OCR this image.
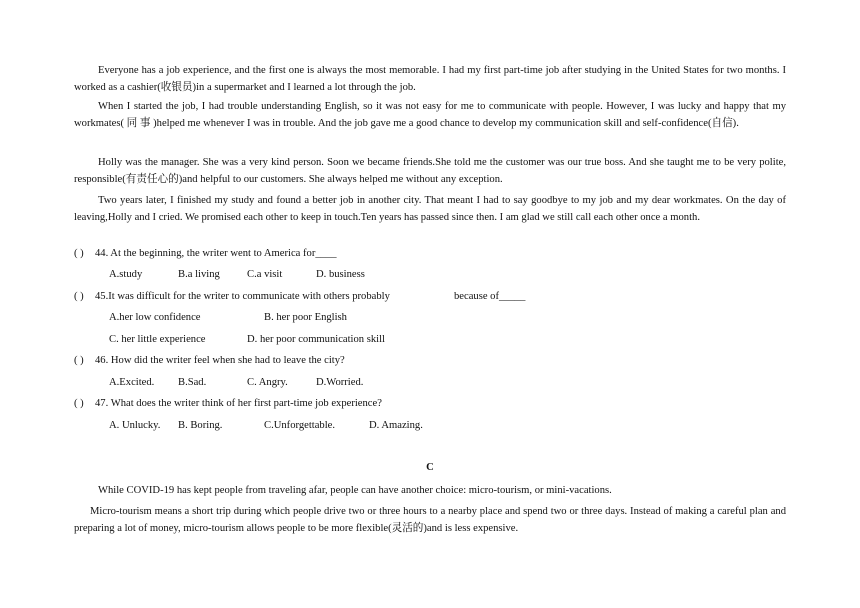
Everyone has a job experience, and the first one is always the most memorable. I had my first part-time job after studying in the United States for two months. I worked as a cashier(收银员)in a supermarket and I learned a lot through the job.

When I started the job, I had trouble understanding English, so it was not easy for me to communicate with people. However, I was lucky and happy that my workmates( 同 事 )helped me whenever I was in trouble. And the job gave me a good chance to develop my communication skill and self-confidence(自信).

Holly was the manager. She was a very kind person. Soon we became friends.She told me the customer was our true boss. And she taught me to be very polite, responsible(有责任心的)and helpful to our customers. She always helped me without any exception.

Two years later, I finished my study and found a better job in another city. That meant I had to say goodbye to my job and my dear workmates. On the day of leaving,Holly and I cried. We promised each other to keep in touch.Ten years has passed since then. I am glad we still call each other once a month.

( ) 44. At the beginning, the writer went to America for____
A.study	B.a living	C.a visit	D. business
( ) 45.It was difficult for the writer to communicate with others probably	because of_____
A.her low confidence	B. her poor English
C. her little experience	D. her poor communication skill
( ) 46. How did the writer feel when she had to leave the city?
A.Excited. B.Sad.	C. Angry.	D.Worried.
( ) 47. What does the writer think of her first part-time job experience?
A. Unlucky. B. Boring.	C.Unforgettable.	D. Amazing.
C

While COVID-19 has kept people from traveling afar, people can have another choice: micro-tourism, or mini-vacations.

Micro-tourism means a short trip during which people drive two or three hours to a nearby place and spend two or three days. Instead of making a careful plan and preparing a lot of money, micro-tourism allows people to be more flexible(灵活的)and is less expensive.
